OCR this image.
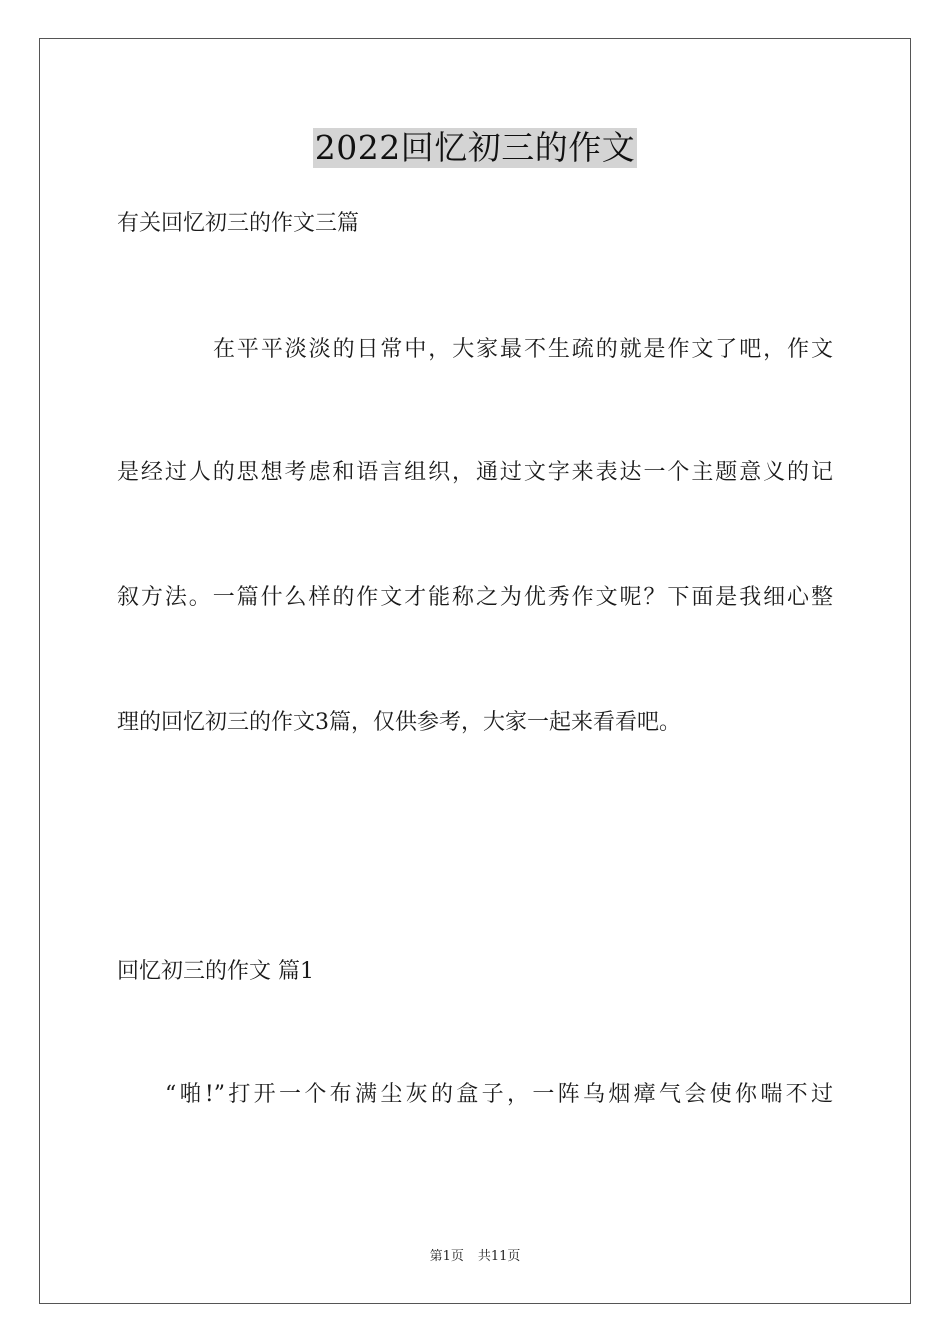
2022回忆初三的作文
有关回忆初三的作文三篇
在平平淡淡的日常中，大家最不生疏的就是作文了吧，作文
是经过人的思想考虑和语言组织，通过文字来表达一个主题意义的记
叙方法。一篇什么样的作文才能称之为优秀作文呢？下面是我细心整
理的回忆初三的作文3篇，仅供参考，大家一起来看看吧。
回忆初三的作文 篇1
“啪!”打开一个布满尘灰的盒子，一阵乌烟瘴气会使你喘不过
第1页 共11页
